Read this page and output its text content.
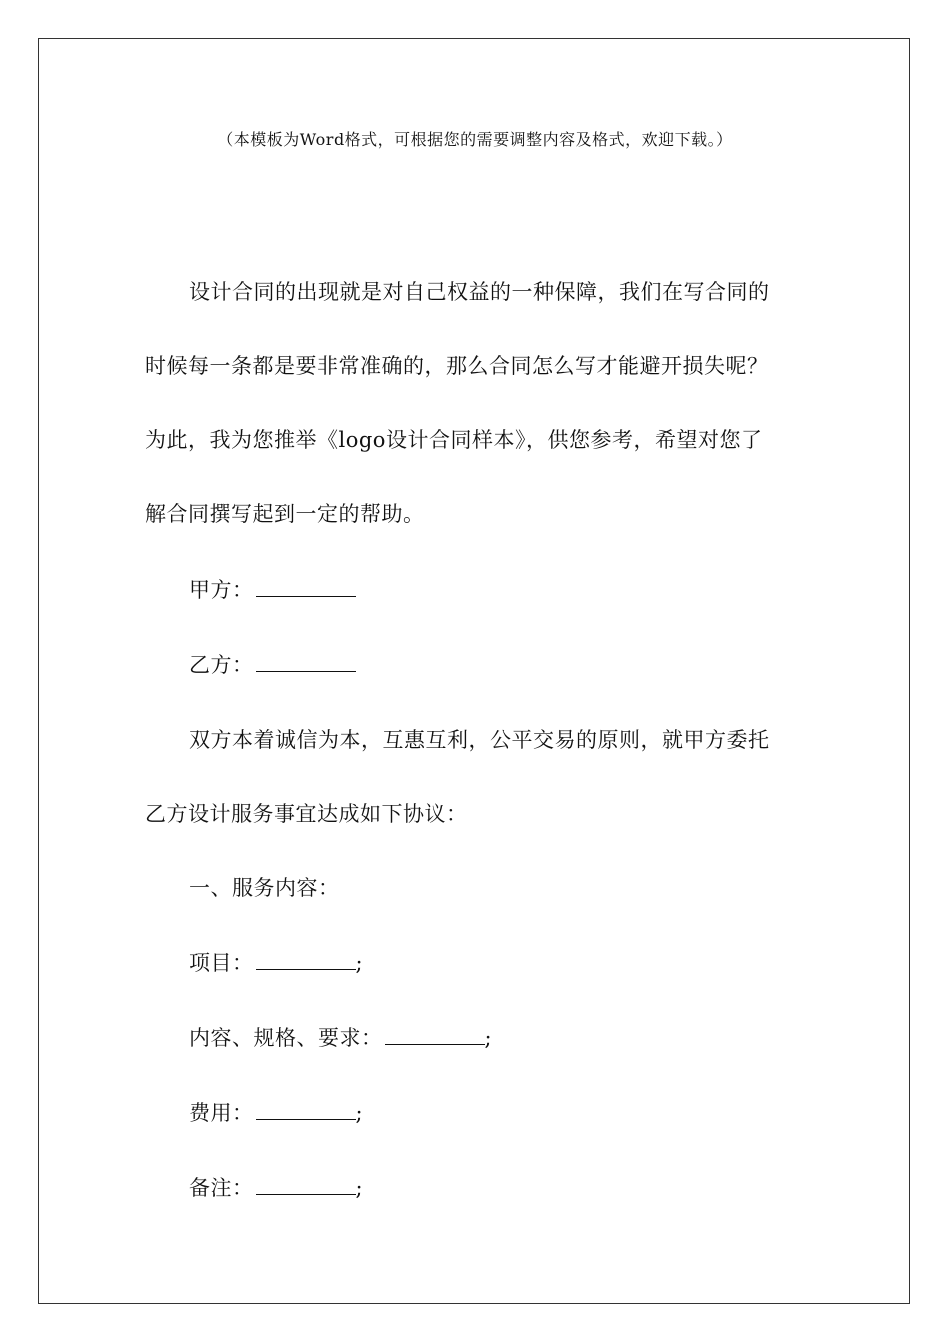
（本模板为Word格式，可根据您的需要调整内容及格式，欢迎下载。）
设计合同的出现就是对自己权益的一种保障，我们在写合同的
时候每一条都是要非常准确的，那么合同怎么写才能避开损失呢？
为此，我为您推举《logo设计合同样本》，供您参考，希望对您了
解合同撰写起到一定的帮助。
甲方：
乙方：
双方本着诚信为本，互惠互利，公平交易的原则，就甲方委托
乙方设计服务事宜达成如下协议：
一、服务内容：
项目：	;
内容、规格、要求：	;
费用：	;
备注：	;
